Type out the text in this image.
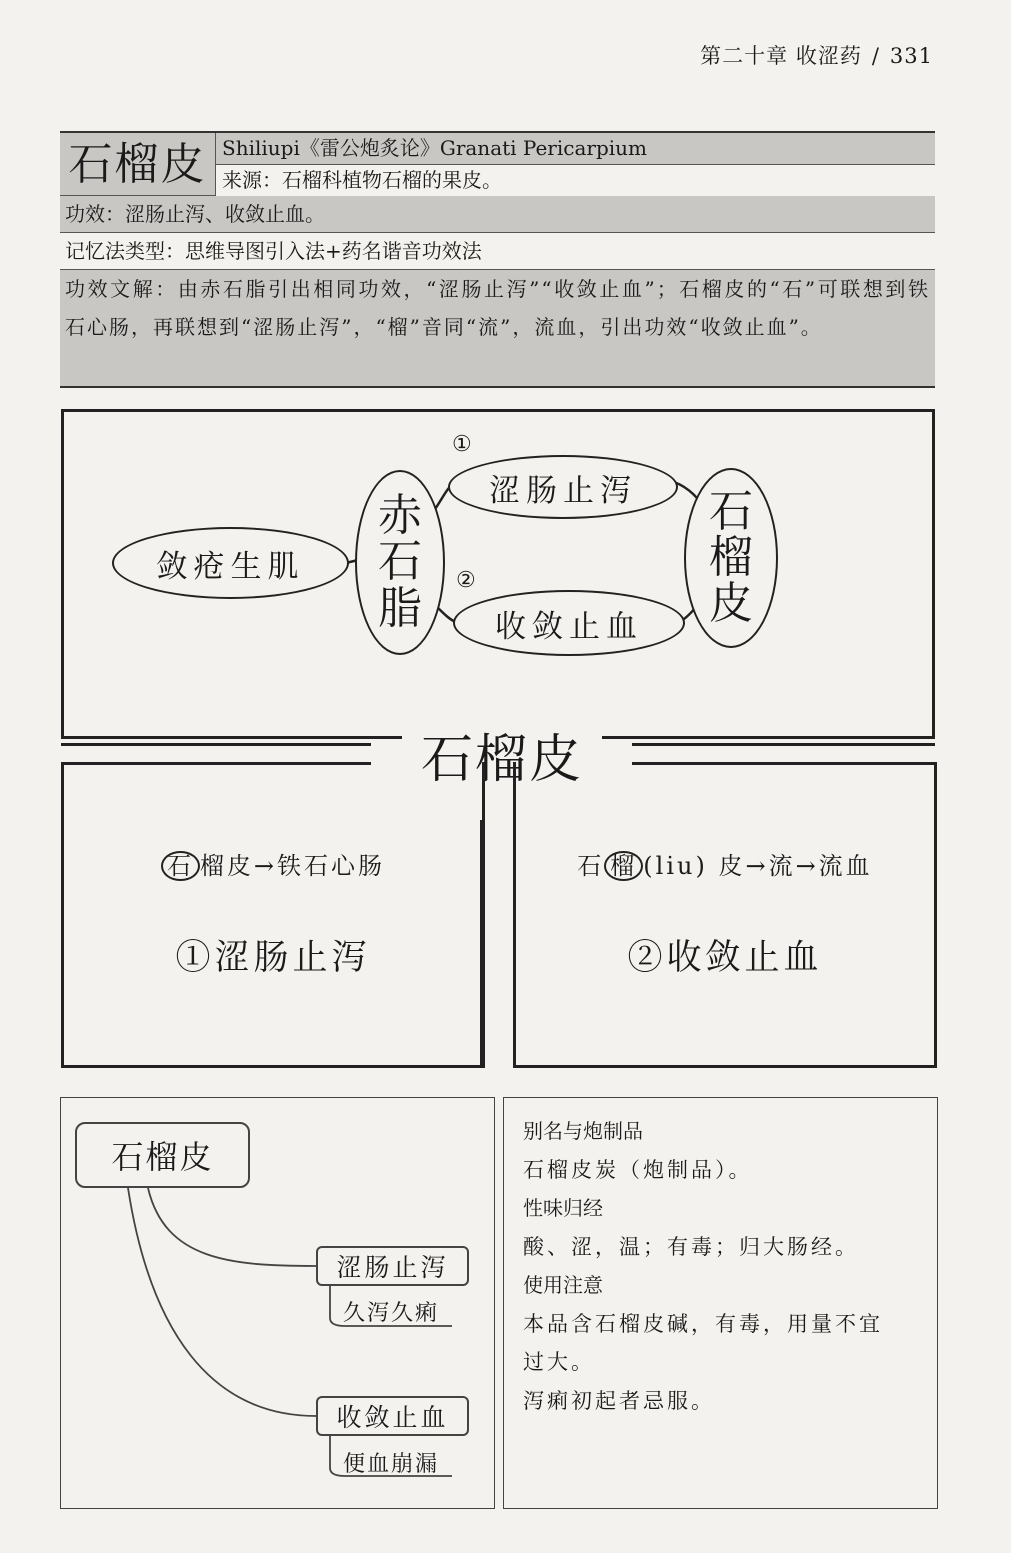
第二十章 收涩药 / 331
石榴皮 Shiliupi《雷公炮炙论》Granati Pericarpium
来源：石榴科植物石榴的果皮。
功效：涩肠止泻、收敛止血。
记忆法类型：思维导图引入法+药名谐音功效法
功效文解：由赤石脂引出相同功效，“涩肠止泻”“收敛止血”；石榴皮的“石”可联想到铁石心肠，再联想到“涩肠止泻”，“榴”音同“流”，流血，引出功效“收敛止血”。
敛疮生肌
赤
石
脂
涩肠止泻
收敛止血
石
榴
皮
①
②
石榴皮
石 榴皮→铁石心肠
①涩肠止泻
石 榴 (liu) 皮→流→流血
②收敛止血
石榴皮
涩肠止泻
久泻久痢
收敛止血
便血崩漏
别名与炮制品
石榴皮炭（炮制品）。
性味归经
酸、涩，温；有毒；归大肠经。
使用注意
本品含石榴皮碱，有毒，用量不宜
过大。
泻痢初起者忌服。
